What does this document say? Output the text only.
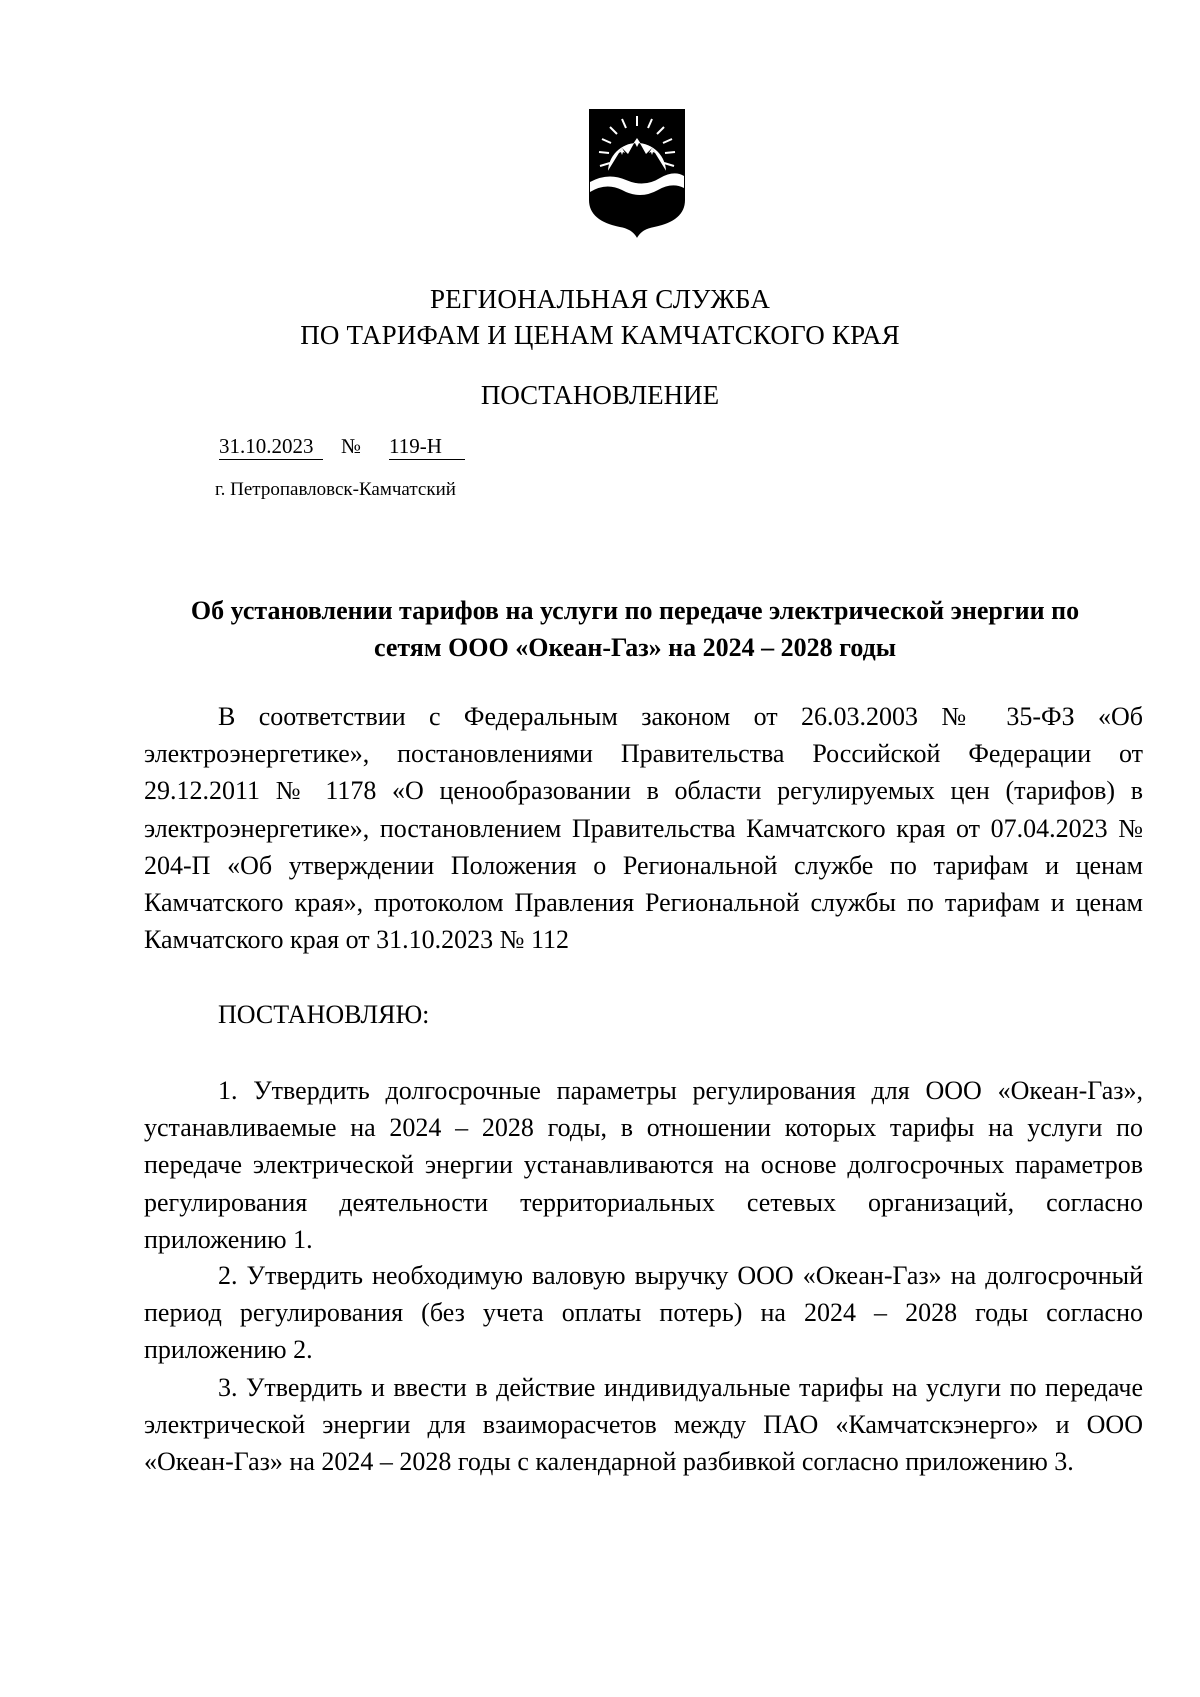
РЕГИОНАЛЬНАЯ СЛУЖБА
ПО ТАРИФАМ И ЦЕНАМ КАМЧАТСКОГО КРАЯ
ПОСТАНОВЛЕНИЕ
31.10.2023 № 119-Н
г. Петропавловск-Камчатский
Об установлении тарифов на услуги по передаче электрической энергии по
сетям ООО «Океан-Газ» на 2024 – 2028 годы
В соответствии с Федеральным законом от 26.03.2003 № 35-ФЗ «Об электроэнергетике», постановлениями Правительства Российской Федерации от 29.12.2011 № 1178 «О ценообразовании в области регулируемых цен (тарифов) в электроэнергетике», постановлением Правительства Камчатского края от 07.04.2023 № 204-П «Об утверждении Положения о Региональной службе по тарифам и ценам Камчатского края», протоколом Правления Региональной службы по тарифам и ценам Камчатского края от 31.10.2023 № 112
ПОСТАНОВЛЯЮ:
1. Утвердить долгосрочные параметры регулирования для ООО «Океан-Газ», устанавливаемые на 2024 – 2028 годы, в отношении которых тарифы на услуги по передаче электрической энергии устанавливаются на основе долгосрочных параметров регулирования деятельности территориальных сетевых организаций, согласно приложению 1.
2. Утвердить необходимую валовую выручку ООО «Океан-Газ» на долгосрочный период регулирования (без учета оплаты потерь) на 2024 – 2028 годы согласно приложению 2.
3. Утвердить и ввести в действие индивидуальные тарифы на услуги по передаче электрической энергии для взаиморасчетов между ПАО «Камчатскэнерго» и ООО «Океан-Газ» на 2024 – 2028 годы с календарной разбивкой согласно приложению 3.
